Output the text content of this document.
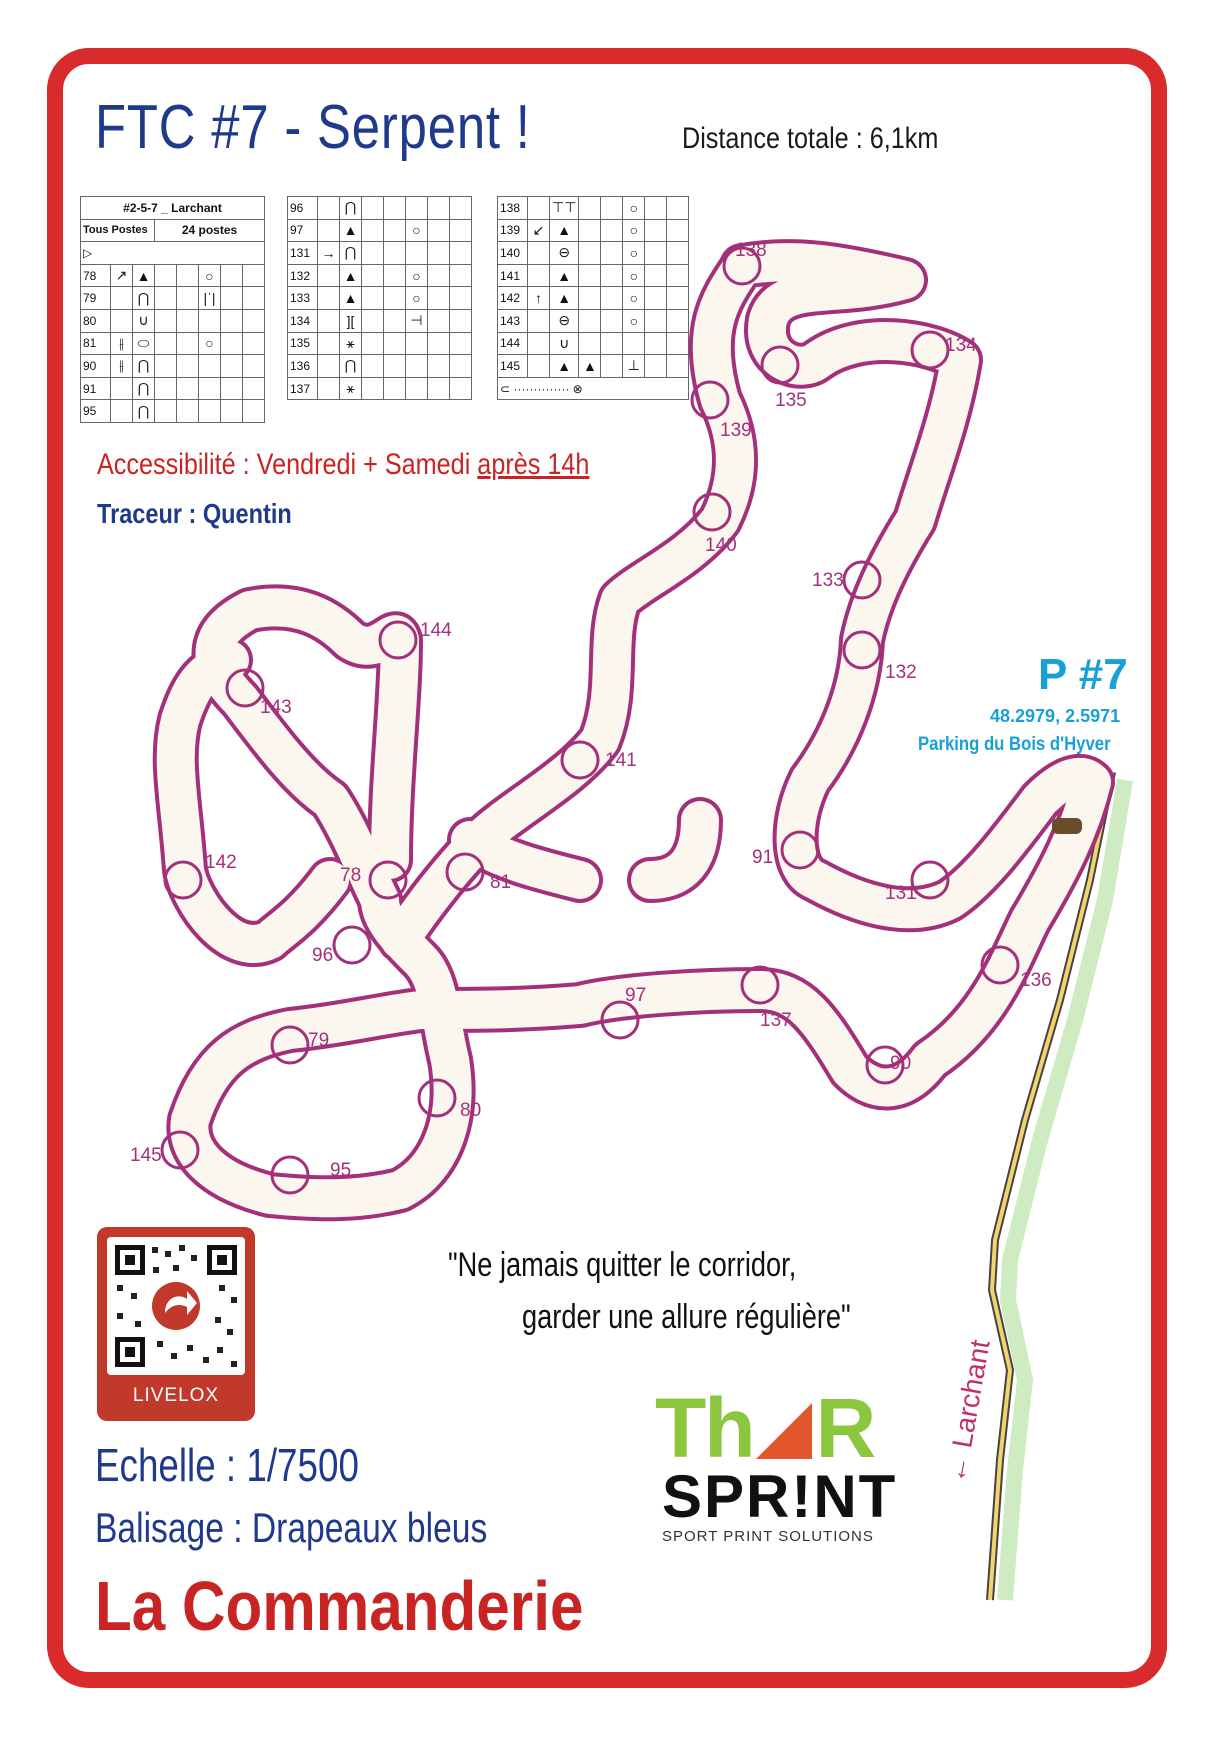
FTC #7 - Serpent !	Distance totale : 6,1km
#2-5-7 _ Larchant							
Tous Postes			24 postes				
▷							
78	↗	▲			○		
79		⋂			|ˈ|		
80		∪					
81	⫲	⬭			○		
90	⫲	⋂					
91		⋂					
95		⋂					
96		⋂					
97		▲			○		
131	→	⋂					
132		▲			○		
133		▲			○		
134		][			⊣		
135		⚹					
136		⋂					
137		⚹					
138		⊤⊤			○		
139	↙	▲			○		
140		⊖			○		
141		▲			○		
142	↑	▲			○		
143		⊖			○		
144		∪					
145		▲	▲		⊥		
⊂ ·············· ⊗							
Accessibilité : Vendredi + Samedi après 14h
Traceur : Quentin
138
139
135
134
140
133
132
144
143
141
142
78	81
96
91
131
136
97
137
90
79
80
145
95
P #7
48.2979, 2.5971
Parking du Bois d'Hyver
← Larchant
LIVELOX
"Ne jamais quitter le corridor,
garder une allure régulière"
Echelle : 1/7500
Balisage : Drapeaux bleus
La Commanderie
Th R
SPR!NT
SPORT PRINT SOLUTIONS
